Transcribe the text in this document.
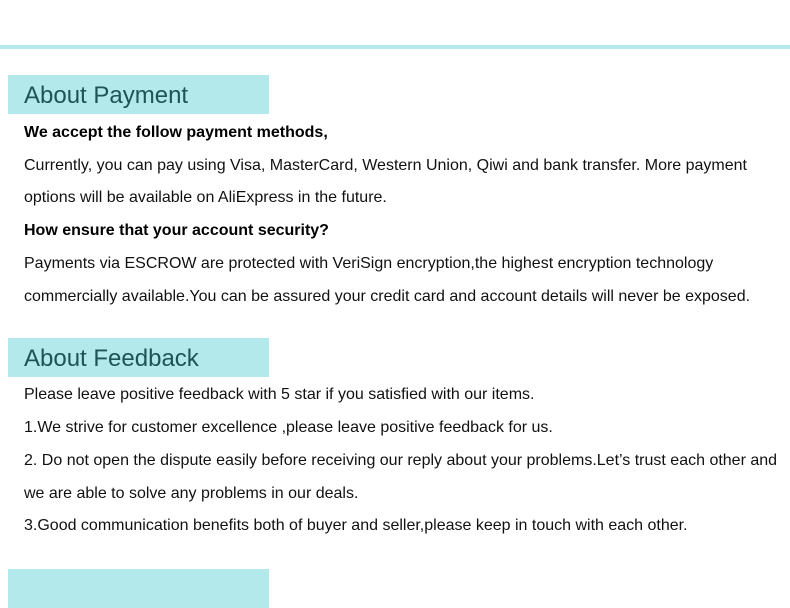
About Payment
We accept the follow payment methods,
Currently, you can pay using Visa, MasterCard, Western Union, Qiwi and bank transfer. More payment
options will be available on AliExpress in the future.
How ensure that your account security?
Payments via ESCROW are protected with VeriSign encryption,the highest encryption technology
commercially available.You can be assured your credit card and account details will never be exposed.
About Feedback
Please leave positive feedback with 5 star if you satisfied with our items.
1.We strive for customer excellence ,please leave positive feedback for us.
2. Do not open the dispute easily before receiving our reply about your problems.Let’s trust each other and
we are able to solve any problems in our deals.
3.Good communication benefits both of buyer and seller,please keep in touch with each other.
